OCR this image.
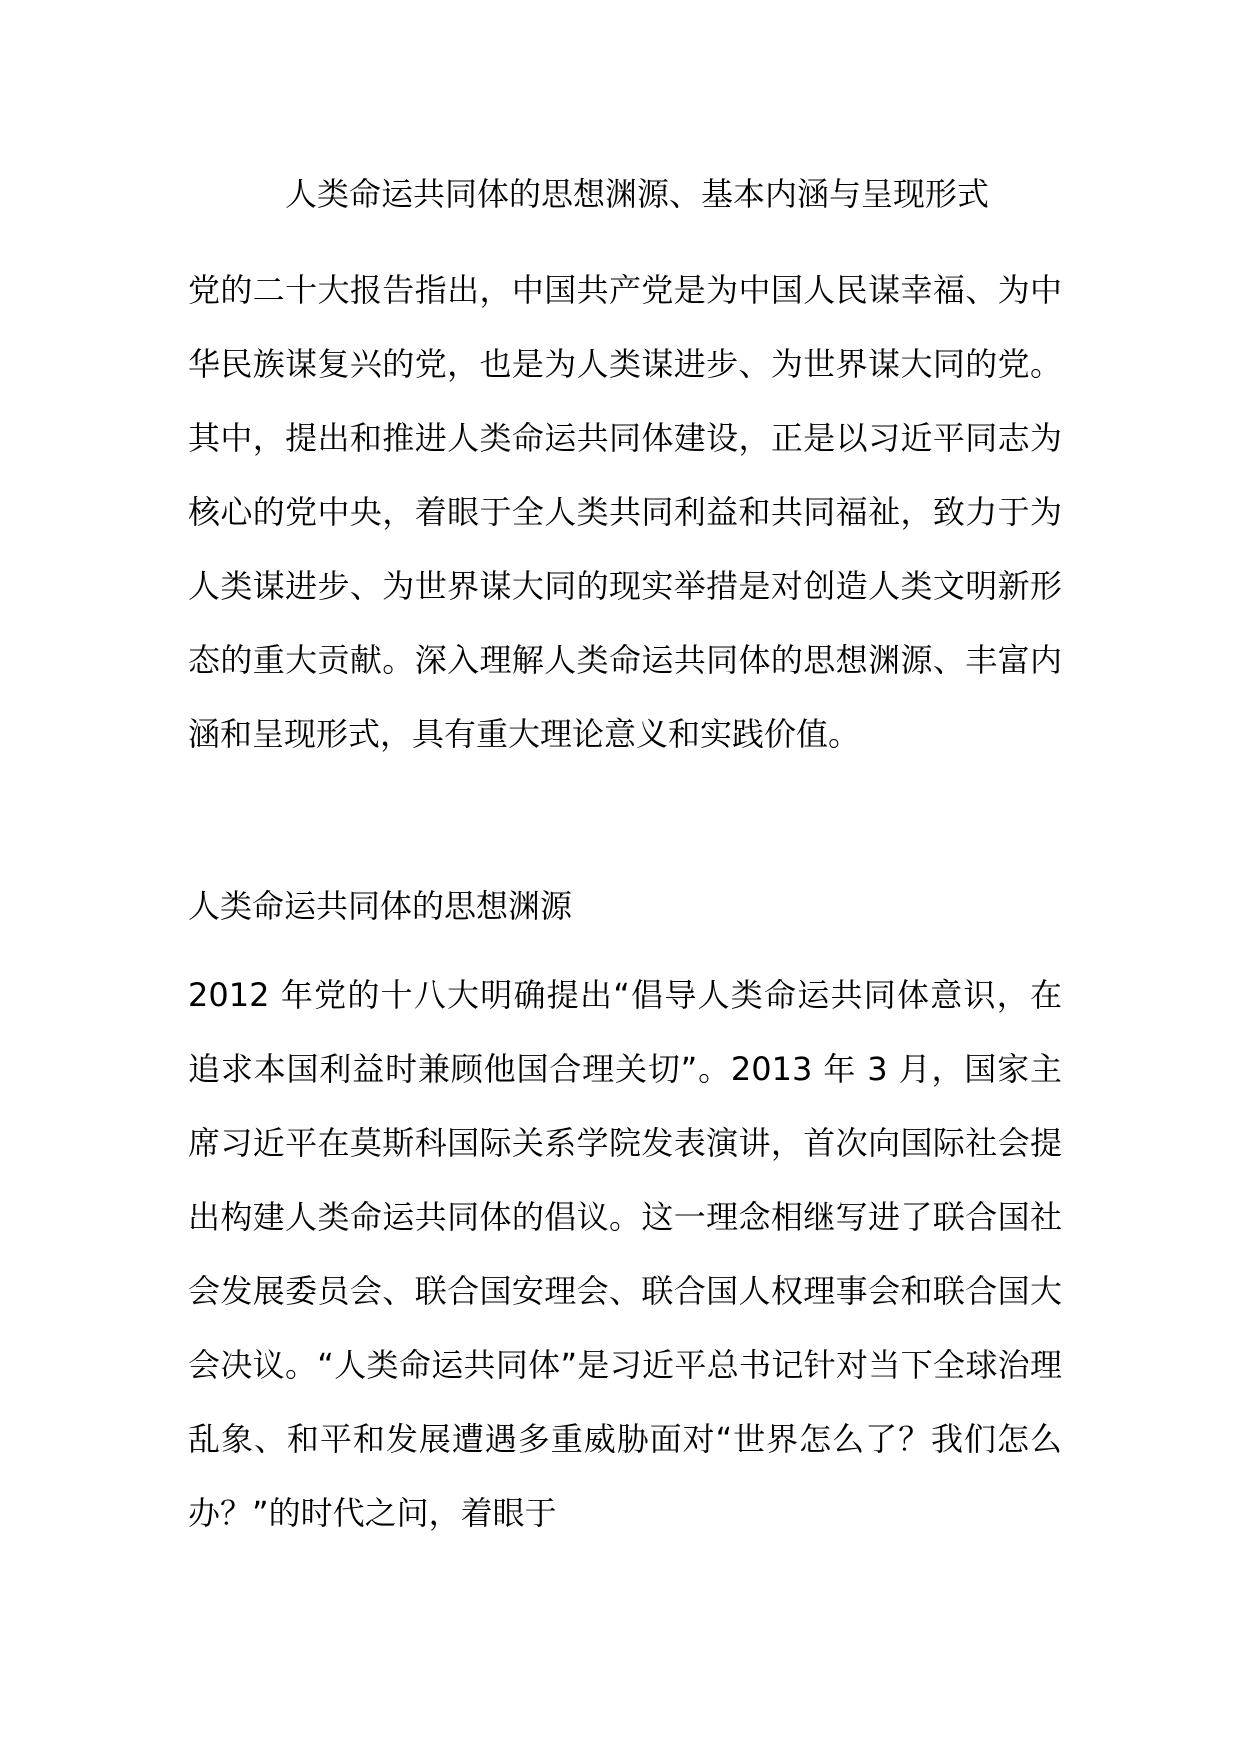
人类命运共同体的思想渊源、基本内涵与呈现形式

党的二十大报告指出，中国共产党是为中国人民谋幸福、为中华民族谋复兴的党，也是为人类谋进步、为世界谋大同的党。其中，提出和推进人类命运共同体建设，正是以习近平同志为核心的党中央，着眼于全人类共同利益和共同福祉，致力于为人类谋进步、为世界谋大同的现实举措是对创造人类文明新形态的重大贡献。深入理解人类命运共同体的思想渊源、丰富内涵和呈现形式，具有重大理论意义和实践价值。

人类命运共同体的思想渊源

2012 年党的十八大明确提出“倡导人类命运共同体意识，在追求本国利益时兼顾他国合理关切”。2013 年 3 月，国家主席习近平在莫斯科国际关系学院发表演讲，首次向国际社会提出构建人类命运共同体的倡议。这一理念相继写进了联合国社会发展委员会、联合国安理会、联合国人权理事会和联合国大会决议。“人类命运共同体”是习近平总书记针对当下全球治理乱象、和平和发展遭遇多重威胁面对“世界怎么了？我们怎么办？”的时代之问，着眼于
